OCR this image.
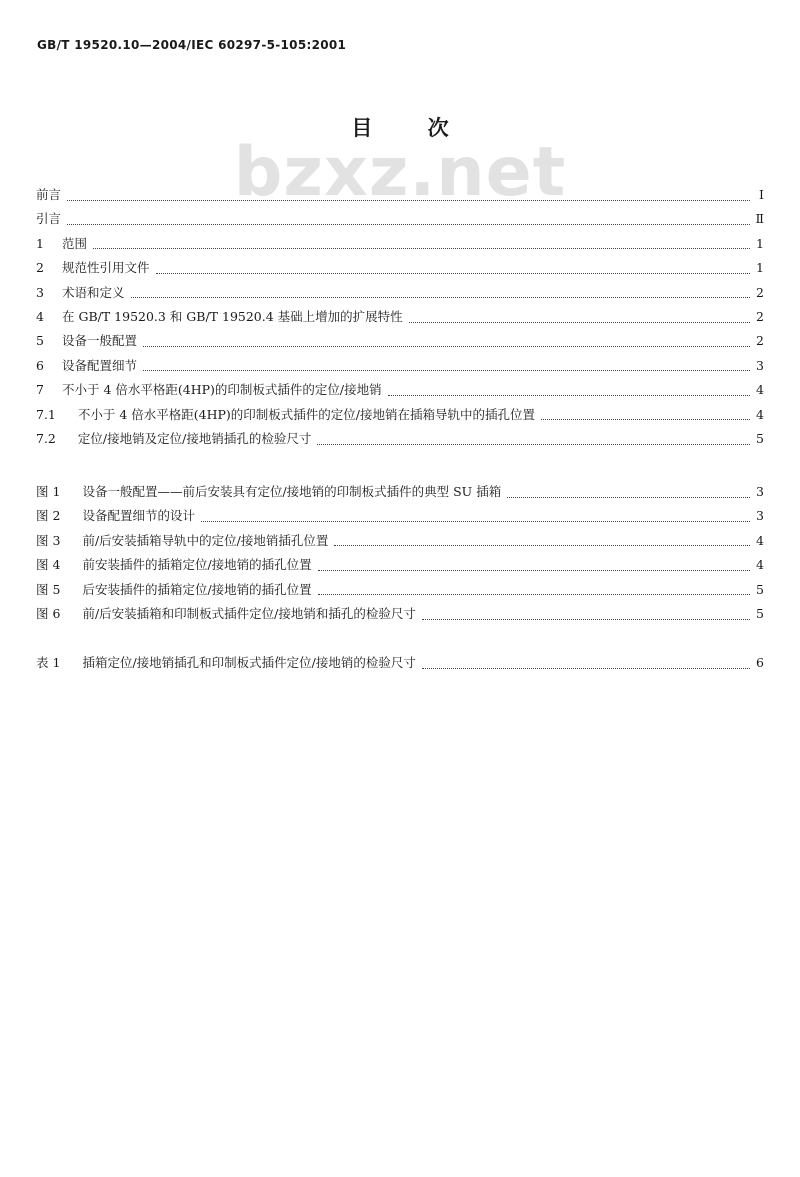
GB/T 19520.10—2004/IEC 60297-5-105:2001
bzxz.net
目 次
前言	Ⅰ
引言	Ⅱ
1	范围	1
2	规范性引用文件	1
3	术语和定义	2
4	在 GB/T 19520.3 和 GB/T 19520.4 基础上增加的扩展特性	2
5	设备一般配置	2
6	设备配置细节	3
7	不小于 4 倍水平格距(4HP)的印制板式插件的定位/接地销	4
7.1 不小于 4 倍水平格距(4HP)的印制板式插件的定位/接地销在插箱导轨中的插孔位置	4
7.2 定位/接地销及定位/接地销插孔的检验尺寸	5
图 1 设备一般配置——前后安装具有定位/接地销的印制板式插件的典型 SU 插箱	3
图 2 设备配置细节的设计	3
图 3 前/后安装插箱导轨中的定位/接地销插孔位置	4
图 4 前安装插件的插箱定位/接地销的插孔位置	4
图 5 后安装插件的插箱定位/接地销的插孔位置	5
图 6 前/后安装插箱和印制板式插件定位/接地销和插孔的检验尺寸	5
表 1 插箱定位/接地销插孔和印制板式插件定位/接地销的检验尺寸	6
